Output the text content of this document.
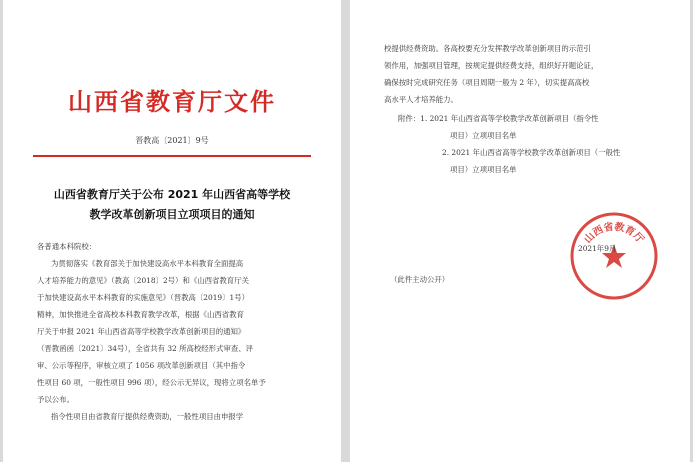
山西省教育厅文件
晋教高〔2021〕9号
山西省教育厅关于公布 2021 年山西省高等学校
教学改革创新项目立项项目的通知
各普通本科院校：
为贯彻落实《教育部关于加快建设高水平本科教育全面提高
人才培养能力的意见》（教高〔2018〕2号）和《山西省教育厅关
于加快建设高水平本科教育的实施意见》（晋教高〔2019〕1号）
精神，加快推进全省高校本科教育教学改革，根据《山西省教育
厅关于申报 2021 年山西省高等学校教学改革创新项目的通知》
（晋教函函〔2021〕34号），全省共有 32 所高校经形式审查、评
审、公示等程序，审核立项了 1056 项改革创新项目（其中指令
性项目 60 项，一般性项目 996 项），经公示无异议，现将立项名单予
予以公布。
指令性项目由省教育厅提供经费资助，一般性项目由申报学
校提供经费资助。各高校要充分发挥教学改革创新项目的示范引
领作用，加强项目管理，按规定提供经费支持，组织好开题论证，
确保按时完成研究任务（项目周期一般为 2 年），切实提高高校
高水平人才培养能力。
附件：1. 2021 年山西省高等学校教学改革创新项目（指令性
项目）立项项目名单
2. 2021 年山西省高等学校教学改革创新项目（一般性
项目）立项项目名单
山西省教育厅
2021年9月
（此件主动公开）
